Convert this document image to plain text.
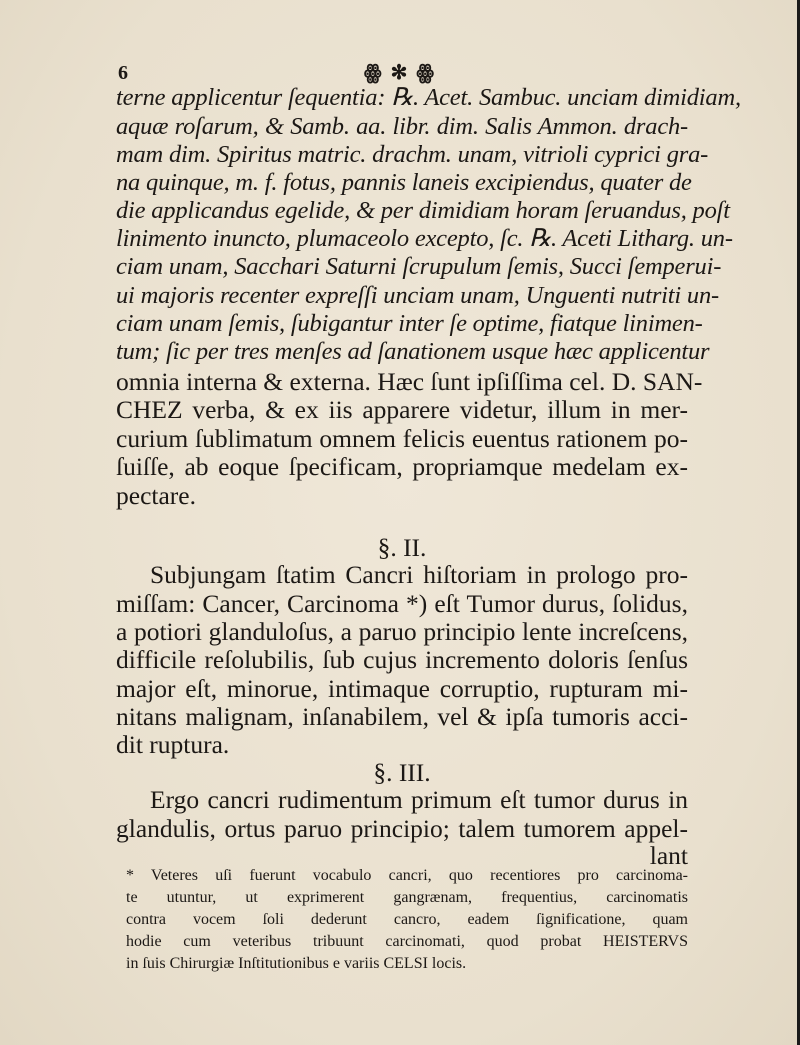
6	ꙮ ✻ ꙮ
terne applicentur ſequentia: ℞. Acet. Sambuc. unciam dimidiam,
aquæ roſarum, & Samb. aa. libr. dim. Salis Ammon. drach-
mam dim. Spiritus matric. drachm. unam, vitrioli cyprici gra-
na quinque, m. f. fotus, pannis laneis excipiendus, quater de
die applicandus egelide, & per dimidiam horam ſeruandus, poſt
linimento inuncto, plumaceolo excepto, ſc. ℞. Aceti Litharg. un-
ciam unam, Sacchari Saturni ſcrupulum ſemis, Succi ſemperui-
ui majoris recenter expreſſi unciam unam, Unguenti nutriti un-
ciam unam ſemis, ſubigantur inter ſe optime, fiatque linimen-
tum; ſic per tres menſes ad ſanationem usque hæc applicentur
omnia interna & externa. Hæc ſunt ipſiſſima cel. D. SAN-
CHEZ verba, & ex iis apparere videtur, illum in mer-
curium ſublimatum omnem felicis euentus rationem po-
ſuiſſe, ab eoque ſpecificam, propriamque medelam ex-
pectare.
§. II.
Subjungam ſtatim Cancri hiſtoriam in prologo pro-
miſſam: Cancer, Carcinoma *) eſt Tumor durus, ſolidus,
a potiori glanduloſus, a paruo principio lente increſcens,
difficile reſolubilis, ſub cujus incremento doloris ſenſus
major eſt, minorue, intimaque corruptio, rupturam mi-
nitans malignam, inſanabilem, vel & ipſa tumoris acci-
dit ruptura.
§. III.
Ergo cancri rudimentum primum eſt tumor durus in
glandulis, ortus paruo principio; talem tumorem appel-
lant
* Veteres uſi fuerunt vocabulo cancri, quo recentiores pro carcinoma-
te utuntur, ut exprimerent gangrænam, frequentius, carcinomatis
contra vocem ſoli dederunt cancro, eadem ſignificatione, quam
hodie cum veteribus tribuunt carcinomati, quod probat HEISTERVS
in ſuis Chirurgiæ Inſtitutionibus e variis CELSI locis.
